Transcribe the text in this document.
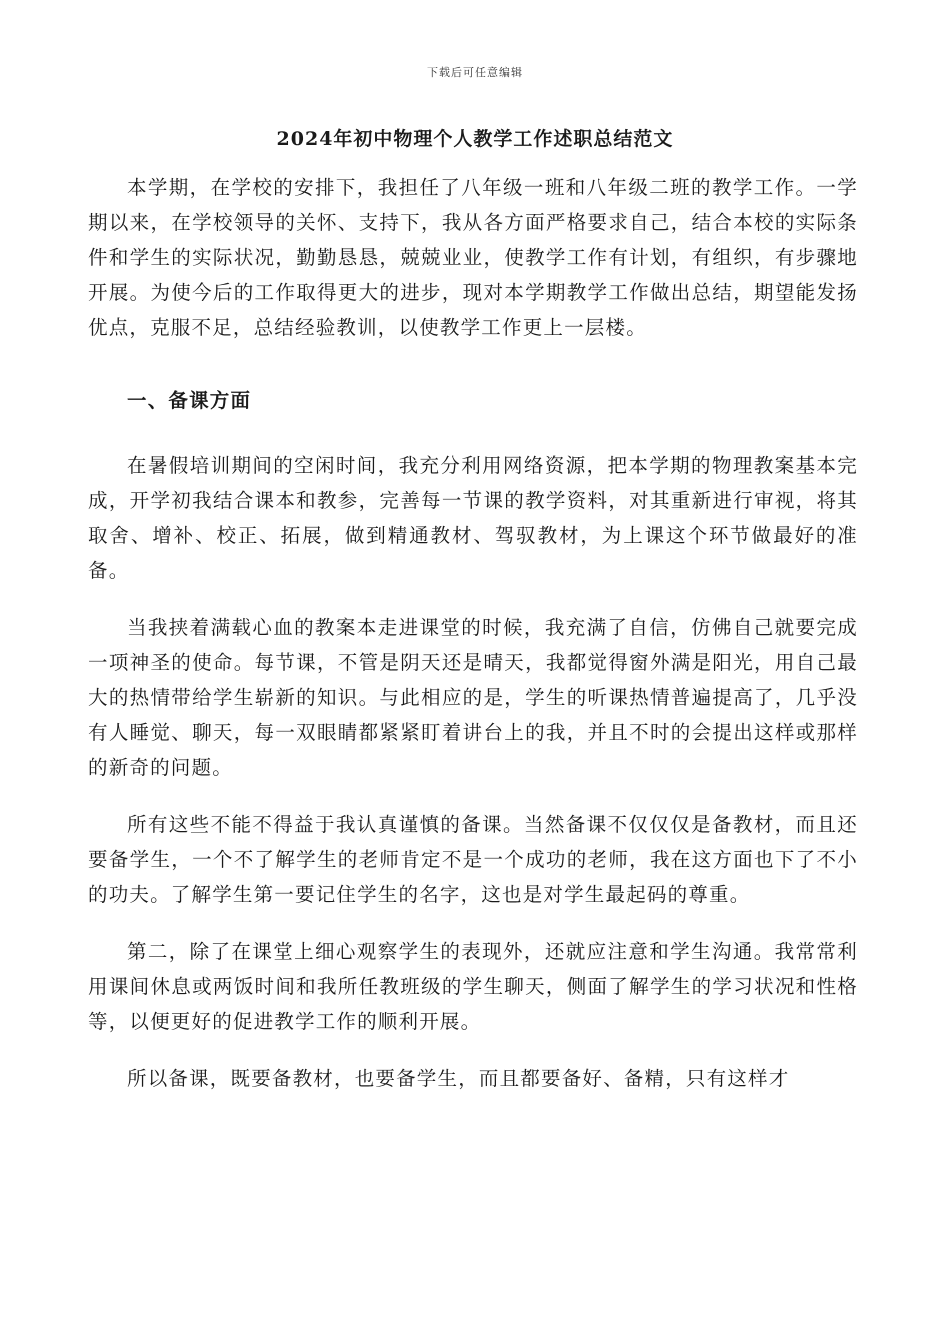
下载后可任意编辑
2024年初中物理个人教学工作述职总结范文

本学期，在学校的安排下，我担任了八年级一班和八年级二班的教学工作。一学期以来，在学校领导的关怀、支持下，我从各方面严格要求自己，结合本校的实际条件和学生的实际状况，勤勤恳恳，兢兢业业，使教学工作有计划，有组织，有步骤地开展。为使今后的工作取得更大的进步，现对本学期教学工作做出总结，期望能发扬优点，克服不足，总结经验教训，以使教学工作更上一层楼。

一、备课方面

在暑假培训期间的空闲时间，我充分利用网络资源，把本学期的物理教案基本完成，开学初我结合课本和教参，完善每一节课的教学资料，对其重新进行审视，将其取舍、增补、校正、拓展，做到精通教材、驾驭教材，为上课这个环节做最好的准备。

当我挟着满载心血的教案本走进课堂的时候，我充满了自信，仿佛自己就要完成一项神圣的使命。每节课，不管是阴天还是晴天，我都觉得窗外满是阳光，用自己最大的热情带给学生崭新的知识。与此相应的是，学生的听课热情普遍提高了，几乎没有人睡觉、聊天，每一双眼睛都紧紧盯着讲台上的我，并且不时的会提出这样或那样的新奇的问题。

所有这些不能不得益于我认真谨慎的备课。当然备课不仅仅仅是备教材，而且还要备学生，一个不了解学生的老师肯定不是一个成功的老师，我在这方面也下了不小的功夫。了解学生第一要记住学生的名字，这也是对学生最起码的尊重。

第二，除了在课堂上细心观察学生的表现外，还就应注意和学生沟通。我常常利用课间休息或两饭时间和我所任教班级的学生聊天，侧面了解学生的学习状况和性格等，以便更好的促进教学工作的顺利开展。

所以备课，既要备教材，也要备学生，而且都要备好、备精，只有这样才
